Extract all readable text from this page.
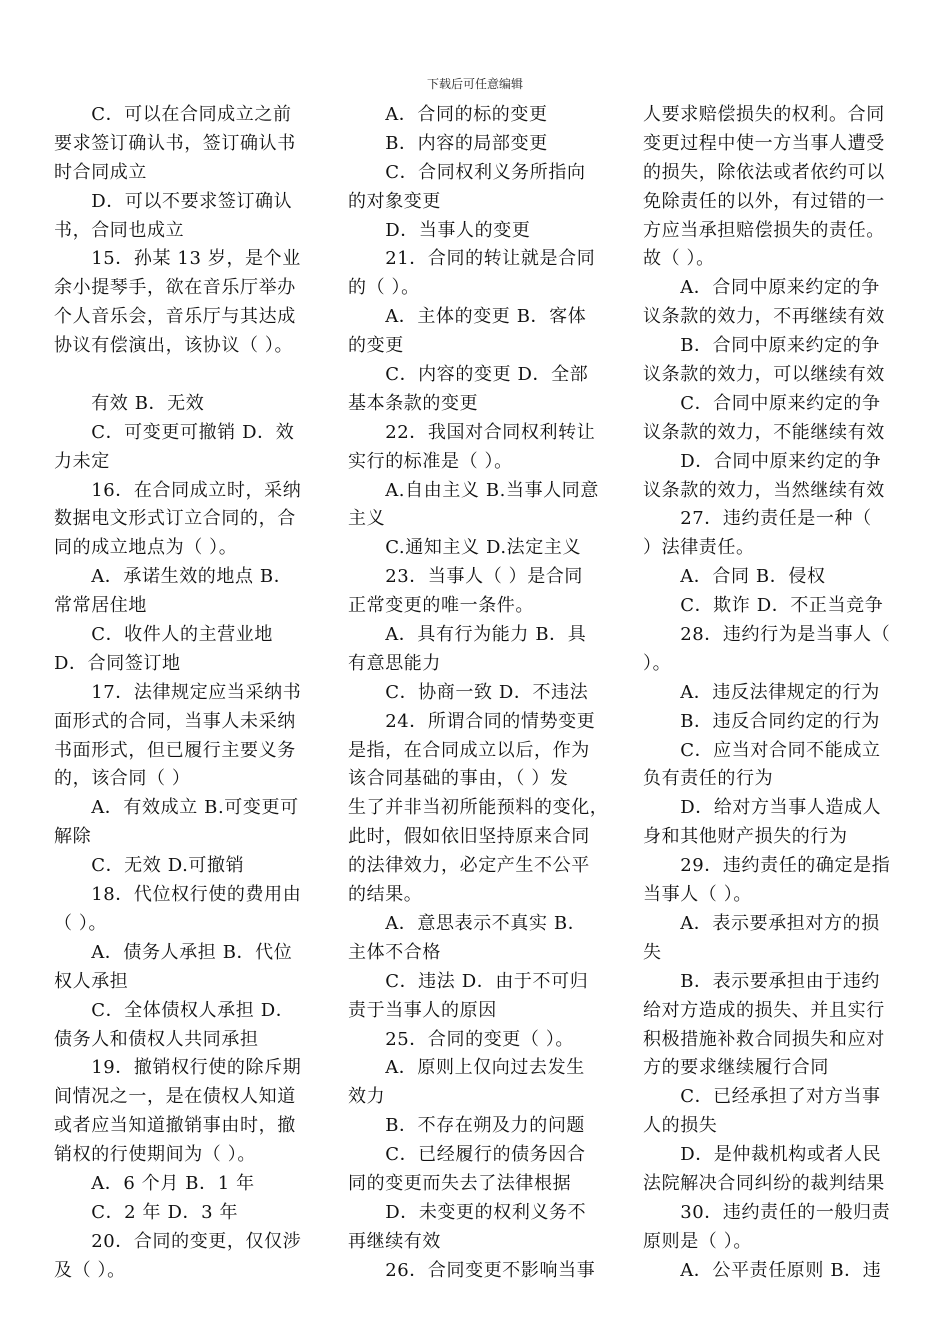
下载后可任意编辑
　　C．可以在合同成立之前
要求签订确认书，签订确认书
时合同成立
　　D．可以不要求签订确认
书，合同也成立
　　15．孙某 13 岁，是个业
余小提琴手，欲在音乐厅举办
个人音乐会，音乐厅与其达成
协议有偿演出，该协议（ ）。
　　有效 B．无效
　　C．可变更可撤销 D．效
力未定
　　16．在合同成立时，采纳
数据电文形式订立合同的，合
同的成立地点为（ ）。
　　A．承诺生效的地点 B．
常常居住地
　　C．收件人的主营业地
D．合同签订地
　　17．法律规定应当采纳书
面形式的合同，当事人未采纳
书面形式，但已履行主要义务
的，该合同（ ）
　　A．有效成立 B.可变更可
解除
　　C．无效 D.可撤销
　　18．代位权行使的费用由
（ ）。
　　A．债务人承担 B．代位
权人承担
　　C．全体债权人承担 D．
债务人和债权人共同承担
　　19．撤销权行使的除斥期
间情况之一，是在债权人知道
或者应当知道撤销事由时，撤
销权的行使期间为（ ）。
　　A．6 个月 B．1 年
　　C．2 年 D．3 年
　　20．合同的变更，仅仅涉
及（ ）。
　　A．合同的标的变更
　　B．内容的局部变更
　　C．合同权利义务所指向
的对象变更
　　D．当事人的变更
　　21．合同的转让就是合同
的（ ）。
　　A．主体的变更 B．客体
的变更
　　C．内容的变更 D．全部
基本条款的变更
　　22．我国对合同权利转让
实行的标准是（ ）。
　　A.自由主义 B.当事人同意
主义
　　C.通知主义 D.法定主义
　　23．当事人（ ）是合同
正常变更的唯一条件。
　　A．具有行为能力 B．具
有意思能力
　　C．协商一致 D．不违法
　　24．所谓合同的情势变更
是指，在合同成立以后，作为
该合同基础的事由，（ ）发
生了并非当初所能预料的变化，
此时，假如依旧坚持原来合同
的法律效力，必定产生不公平
的结果。
　　A．意思表示不真实 B．
主体不合格
　　C．违法 D．由于不可归
责于当事人的原因
　　25．合同的变更（ ）。
　　A．原则上仅向过去发生
效力
　　B．不存在朔及力的问题
　　C．已经履行的债务因合
同的变更而失去了法律根据
　　D．未变更的权利义务不
再继续有效
　　26．合同变更不影响当事
人要求赔偿损失的权利。合同
变更过程中使一方当事人遭受
的损失，除依法或者依约可以
免除责任的以外，有过错的一
方应当承担赔偿损失的责任。
故（ ）。
　　A．合同中原来约定的争
议条款的效力，不再继续有效
　　B．合同中原来约定的争
议条款的效力，可以继续有效
　　C．合同中原来约定的争
议条款的效力，不能继续有效
　　D．合同中原来约定的争
议条款的效力，当然继续有效
　　27．违约责任是一种（
）法律责任。
　　A．合同 B．侵权
　　C．欺诈 D．不正当竞争
　　28．违约行为是当事人（
）。
　　A．违反法律规定的行为
　　B．违反合同约定的行为
　　C．应当对合同不能成立
负有责任的行为
　　D．给对方当事人造成人
身和其他财产损失的行为
　　29．违约责任的确定是指
当事人（ ）。
　　A．表示要承担对方的损
失
　　B．表示要承担由于违约
给对方造成的损失、并且实行
积极措施补救合同损失和应对
方的要求继续履行合同
　　C．已经承担了对方当事
人的损失
　　D．是仲裁机构或者人民
法院解决合同纠纷的裁判结果
　　30．违约责任的一般归责
原则是（ ）。
　　A．公平责任原则 B．违
